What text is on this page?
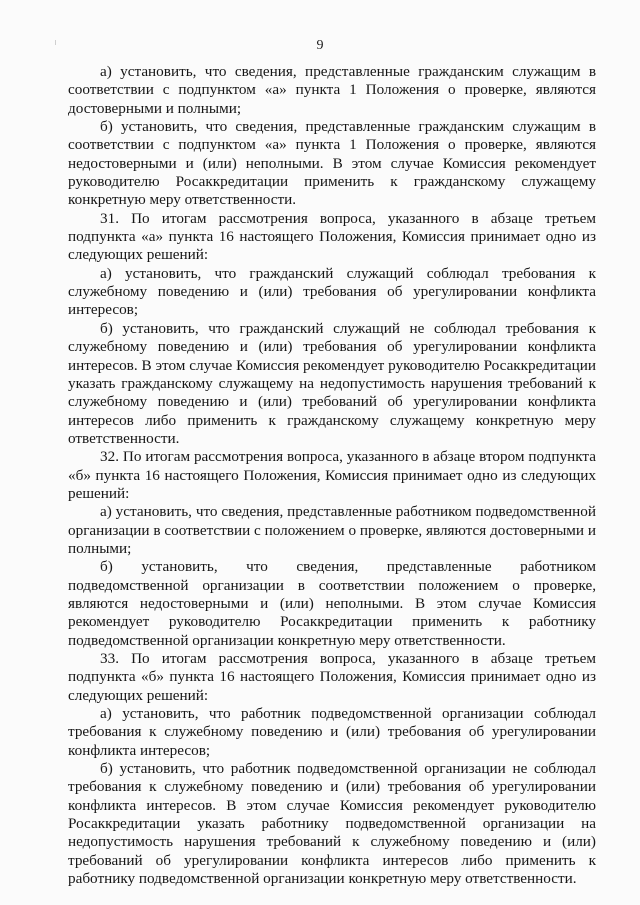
9

а) установить, что сведения, представленные гражданским служащим в соответствии с подпунктом «а» пункта 1 Положения о проверке, являются достоверными и полными;

б) установить, что сведения, представленные гражданским служащим в соответствии с подпунктом «а» пункта 1 Положения о проверке, являются недостоверными и (или) неполными. В этом случае Комиссия рекомендует руководителю Росаккредитации применить к гражданскому служащему конкретную меру ответственности.

31. По итогам рассмотрения вопроса, указанного в абзаце третьем подпункта «а» пункта 16 настоящего Положения, Комиссия принимает одно из следующих решений:

а) установить, что гражданский служащий соблюдал требования к служебному поведению и (или) требования об урегулировании конфликта интересов;

б) установить, что гражданский служащий не соблюдал требования к служебному поведению и (или) требования об урегулировании конфликта интересов. В этом случае Комиссия рекомендует руководителю Росаккредитации указать гражданскому служащему на недопустимость нарушения требований к служебному поведению и (или) требований об урегулировании конфликта интересов либо применить к гражданскому служащему конкретную меру ответственности.

32. По итогам рассмотрения вопроса, указанного в абзаце втором подпункта «б» пункта 16 настоящего Положения, Комиссия принимает одно из следующих решений:

а) установить, что сведения, представленные работником подведомственной организации в соответствии с положением о проверке, являются достоверными и полными;

б) установить, что сведения, представленные работником подведомственной организации в соответствии положением о проверке, являются недостоверными и (или) неполными. В этом случае Комиссия рекомендует руководителю Росаккредитации применить к работнику подведомственной организации конкретную меру ответственности.

33. По итогам рассмотрения вопроса, указанного в абзаце третьем подпункта «б» пункта 16 настоящего Положения, Комиссия принимает одно из следующих решений:

а) установить, что работник подведомственной организации соблюдал требования к служебному поведению и (или) требования об урегулировании конфликта интересов;

б) установить, что работник подведомственной организации не соблюдал требования к служебному поведению и (или) требования об урегулировании конфликта интересов. В этом случае Комиссия рекомендует руководителю Росаккредитации указать работнику подведомственной организации на недопустимость нарушения требований к служебному поведению и (или) требований об урегулировании конфликта интересов либо применить к работнику подведомственной организации конкретную меру ответственности.
